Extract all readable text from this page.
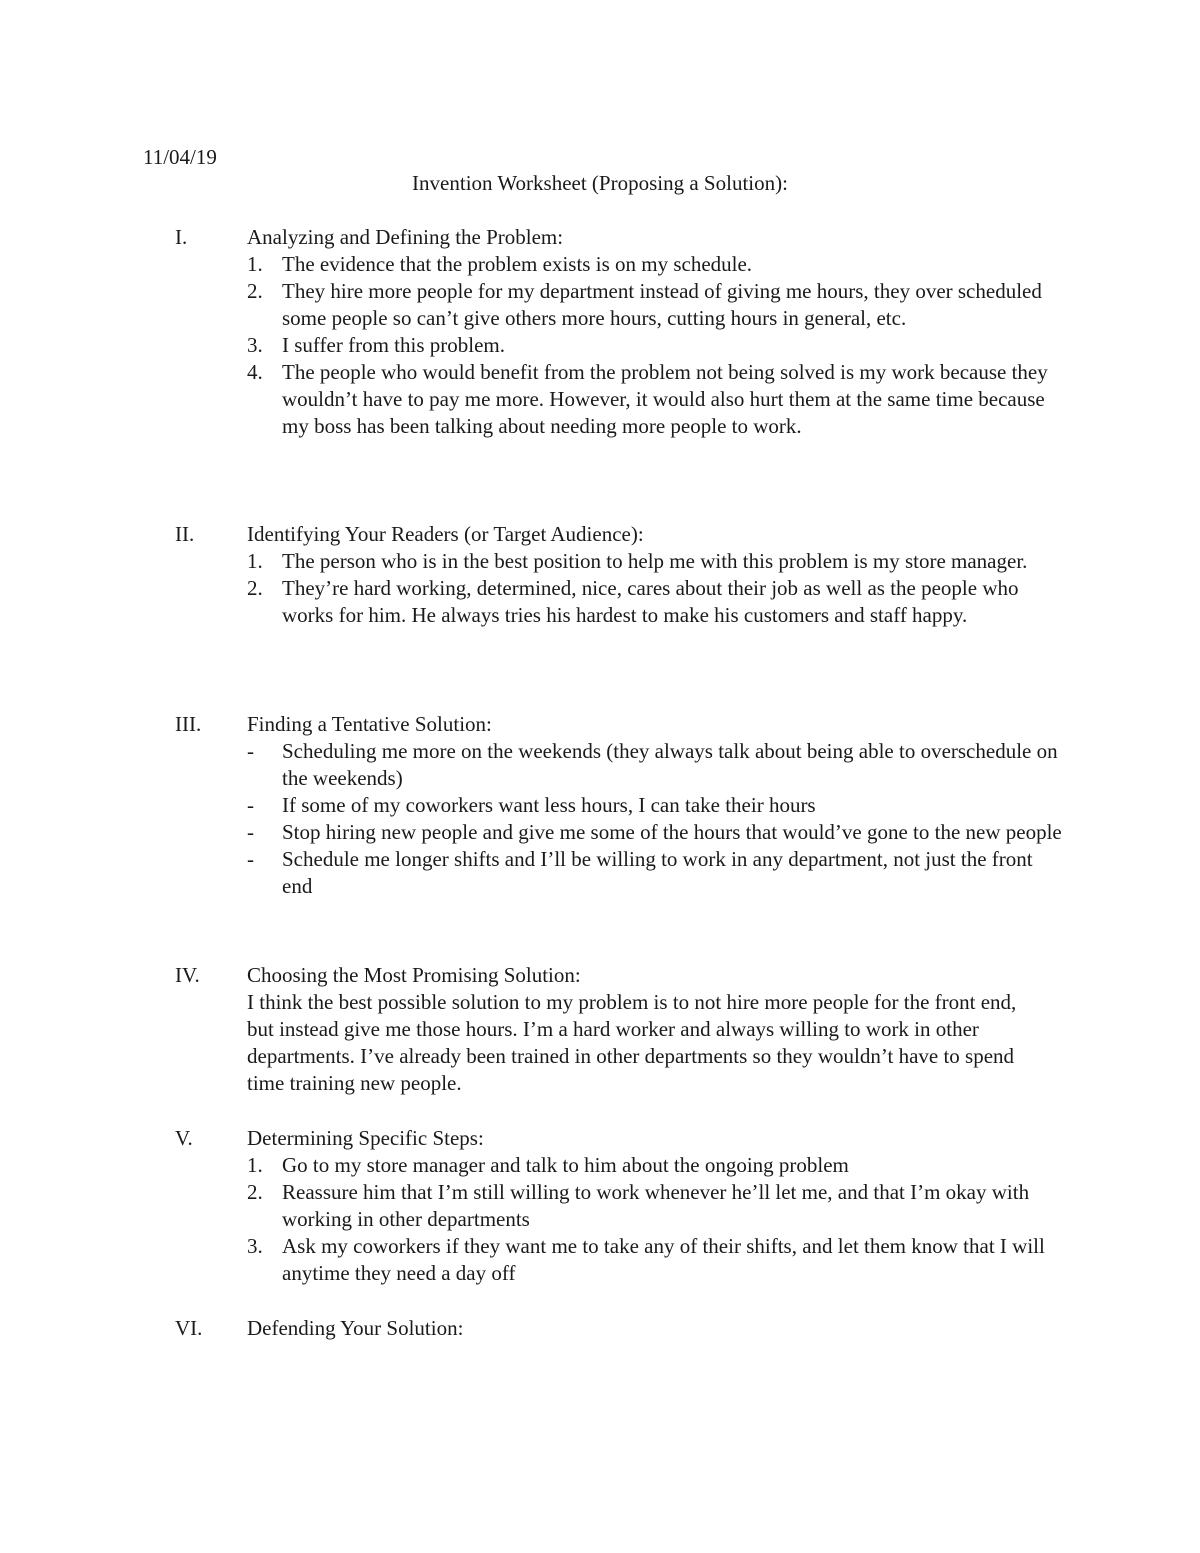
11/04/19
Invention Worksheet (Proposing a Solution):
I.	Analyzing and Defining the Problem:
1. The evidence that the problem exists is on my schedule.
2. They hire more people for my department instead of giving me hours, they over scheduled some people so can’t give others more hours, cutting hours in general, etc.
3. I suffer from this problem.
4. The people who would benefit from the problem not being solved is my work because they wouldn’t have to pay me more. However, it would also hurt them at the same time because my boss has been talking about needing more people to work.
II.	Identifying Your Readers (or Target Audience):
1. The person who is in the best position to help me with this problem is my store manager.
2. They’re hard working, determined, nice, cares about their job as well as the people who works for him. He always tries his hardest to make his customers and staff happy.
III. Finding a Tentative Solution:
- Scheduling me more on the weekends (they always talk about being able to overschedule on the weekends)
- If some of my coworkers want less hours, I can take their hours
- Stop hiring new people and give me some of the hours that would’ve gone to the new people
- Schedule me longer shifts and I’ll be willing to work in any department, not just the front end
IV. Choosing the Most Promising Solution:
I think the best possible solution to my problem is to not hire more people for the front end, but instead give me those hours. I’m a hard worker and always willing to work in other departments. I’ve already been trained in other departments so they wouldn’t have to spend time training new people.
V.	Determining Specific Steps:
1. Go to my store manager and talk to him about the ongoing problem
2. Reassure him that I’m still willing to work whenever he’ll let me, and that I’m okay with working in other departments
3. Ask my coworkers if they want me to take any of their shifts, and let them know that I will anytime they need a day off
VI. Defending Your Solution:
